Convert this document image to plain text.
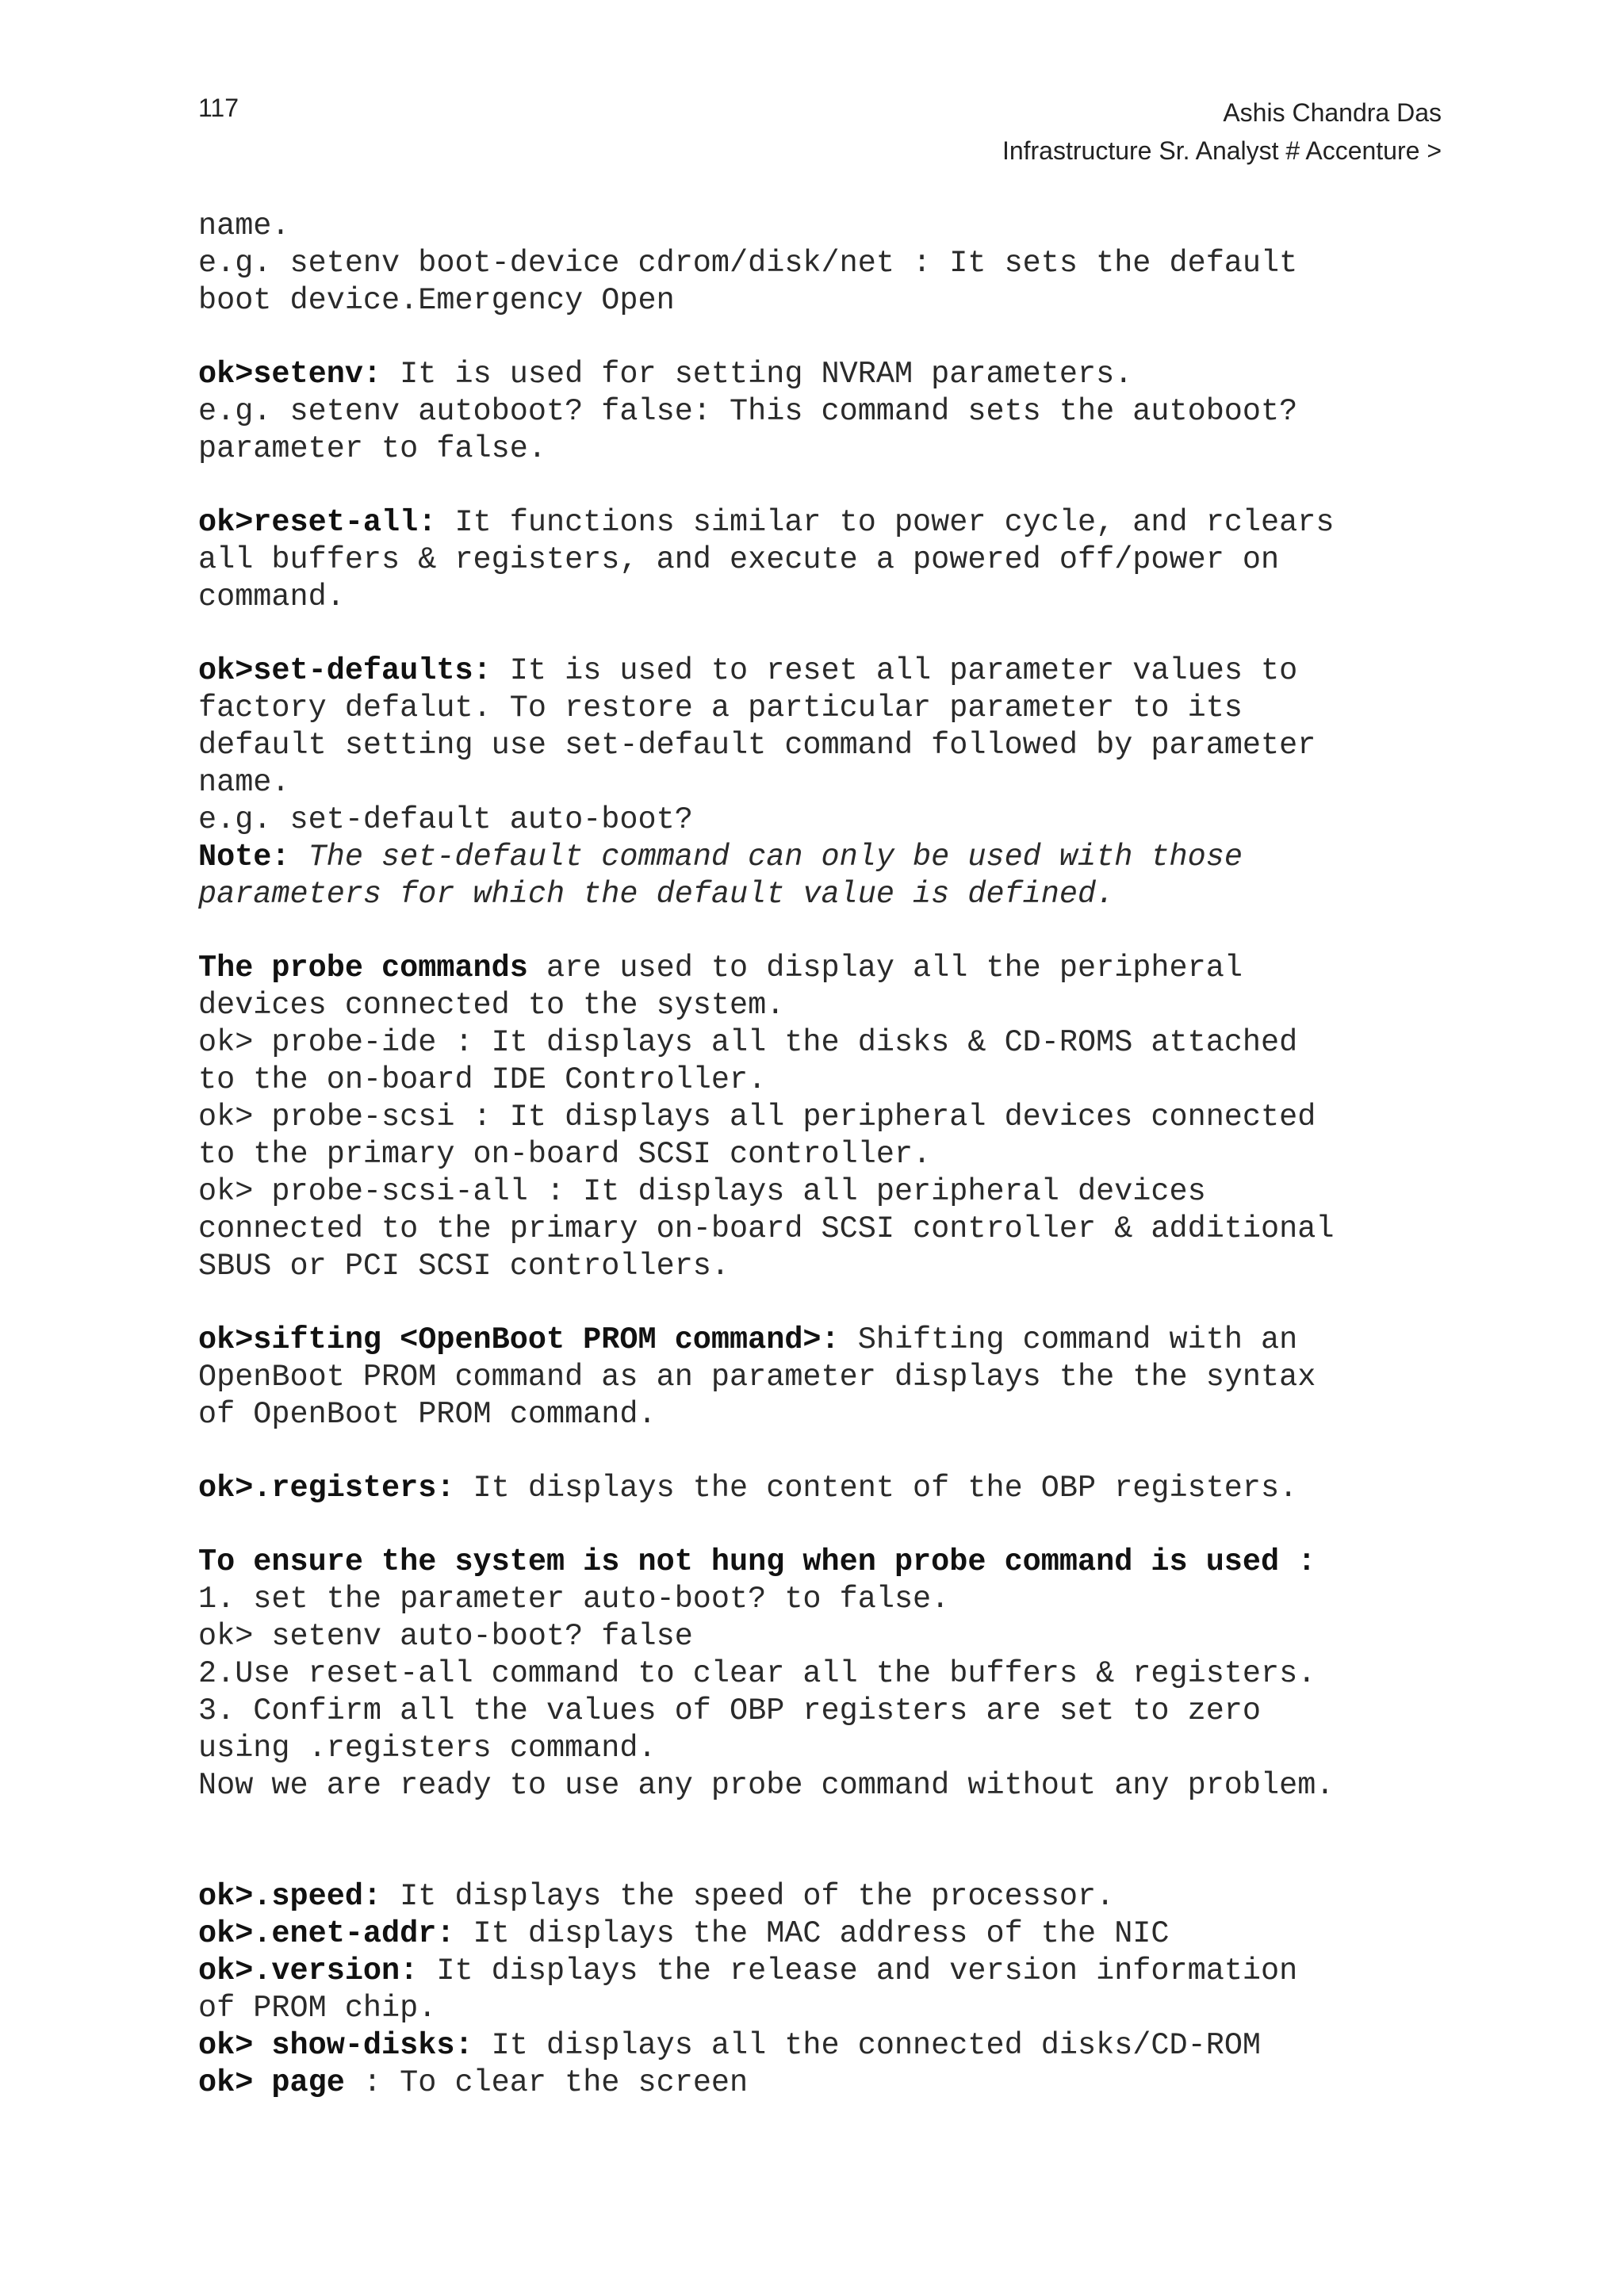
117	Ashis Chandra Das
Infrastructure Sr. Analyst # Accenture >
name.
e.g. setenv boot-device cdrom/disk/net : It sets the default
boot device.Emergency Open
ok>setenv: It is used for setting NVRAM parameters.
e.g. setenv autoboot? false: This command sets the autoboot?
parameter to false.
ok>reset-all: It functions similar to power cycle, and rclears
all buffers & registers, and execute a powered off/power on
command.
ok>set-defaults: It is used to reset all parameter values to
factory defalut. To restore a particular parameter to its
default setting use set-default command followed by parameter
name.
e.g. set-default auto-boot?
Note: The set-default command can only be used with those
parameters for which the default value is defined.
The probe commands are used to display all the peripheral
devices connected to the system.
ok> probe-ide : It displays all the disks & CD-ROMS attached
to the on-board IDE Controller.
ok> probe-scsi : It displays all peripheral devices connected
to the primary on-board SCSI controller.
ok> probe-scsi-all : It displays all peripheral devices
connected to the primary on-board SCSI controller & additional
SBUS or PCI SCSI controllers.
ok>sifting <OpenBoot PROM command>: Shifting command with an
OpenBoot PROM command as an parameter displays the the syntax
of OpenBoot PROM command.
ok>.registers: It displays the content of the OBP registers.
To ensure the system is not hung when probe command is used :
1. set the parameter auto-boot? to false.
ok> setenv auto-boot? false
2.Use reset-all command to clear all the buffers & registers.
3. Confirm all the values of OBP registers are set to zero
using .registers command.
Now we are ready to use any probe command without any problem.
ok>.speed: It displays the speed of the processor.
ok>.enet-addr: It displays the MAC address of the NIC
ok>.version: It displays the release and version information
of PROM chip.
ok> show-disks: It displays all the connected disks/CD-ROM
ok> page : To clear the screen
